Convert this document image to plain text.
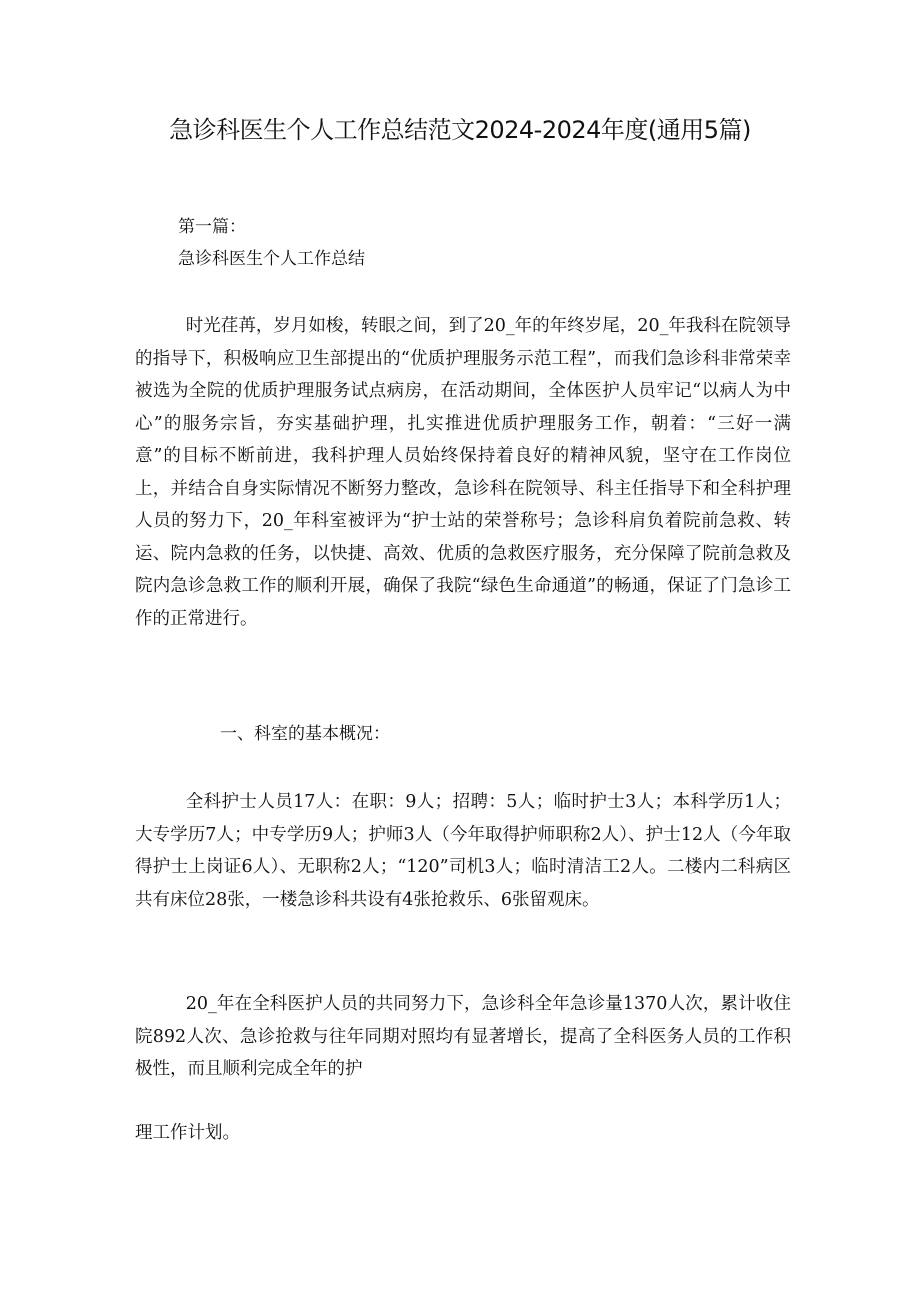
急诊科医生个人工作总结范文2024-2024年度(通用5篇)

第一篇：

急诊科医生个人工作总结

时光荏苒，岁月如梭，转眼之间，到了20_年的年终岁尾，20_年我科在院领导的指导下，积极响应卫生部提出的“优质护理服务示范工程”，而我们急诊科非常荣幸被选为全院的优质护理服务试点病房，在活动期间，全体医护人员牢记“以病人为中心”的服务宗旨，夯实基础护理，扎实推进优质护理服务工作，朝着：“三好一满意”的目标不断前进，我科护理人员始终保持着良好的精神风貌，坚守在工作岗位上，并结合自身实际情况不断努力整改，急诊科在院领导、科主任指导下和全科护理人员的努力下，20_年科室被评为“护士站的荣誉称号；急诊科肩负着院前急救、转运、院内急救的任务，以快捷、高效、优质的急救医疗服务，充分保障了院前急救及院内急诊急救工作的顺利开展，确保了我院“绿色生命通道”的畅通，保证了门急诊工作的正常进行。

一、科室的基本概况：

全科护士人员17人：在职：9人；招聘：5人；临时护士3人；本科学历1人；大专学历7人；中专学历9人；护师3人（今年取得护师职称2人）、护士12人（今年取得护士上岗证6人）、无职称2人；“120”司机3人；临时清洁工2人。二楼内二科病区共有床位28张，一楼急诊科共设有4张抢救乐、6张留观床。

20_年在全科医护人员的共同努力下，急诊科全年急诊量1370人次，累计收住院892人次、急诊抢救与往年同期对照均有显著增长，提高了全科医务人员的工作积极性，而且顺利完成全年的护

理工作计划。
